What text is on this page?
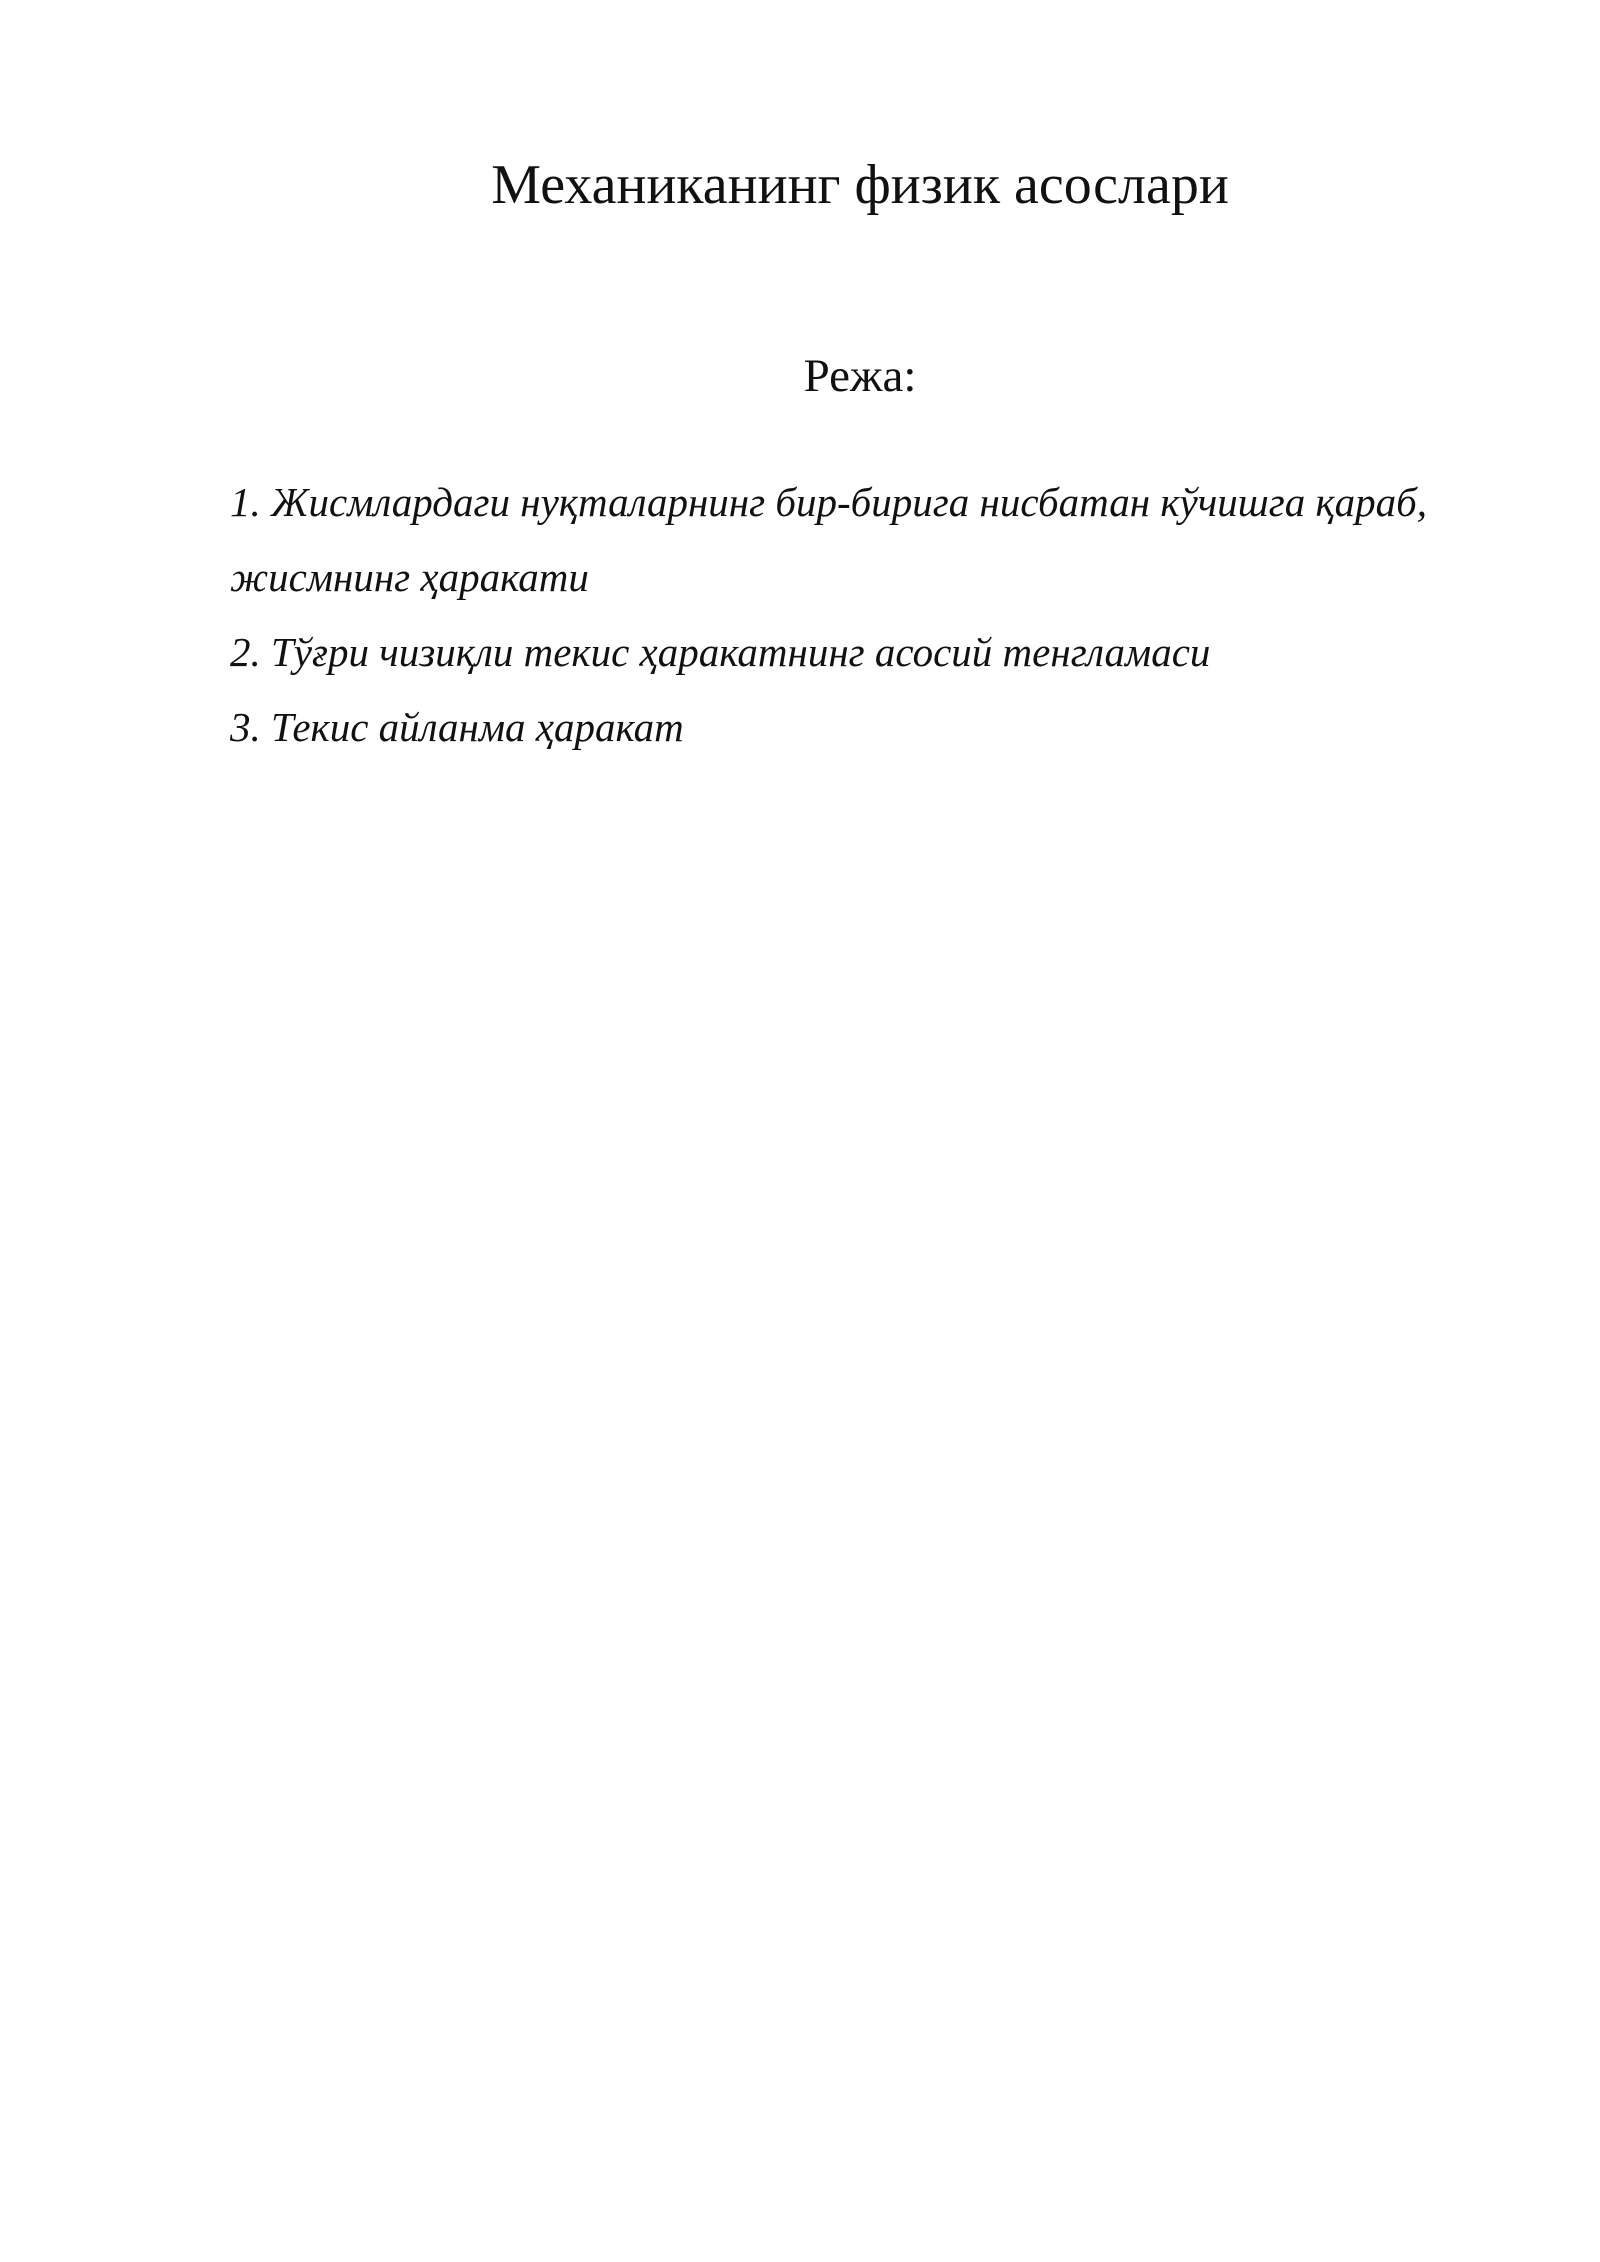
Механиканинг физик асослари

Режа:

1. Жисмлардаги нуқталарнинг бир-бирига нисбатан кўчишга қараб,
жисмнинг ҳаракати
2. Тўғри чизиқли текис ҳаракатнинг асосий тенгламаси
3. Текис айланма ҳаракат
